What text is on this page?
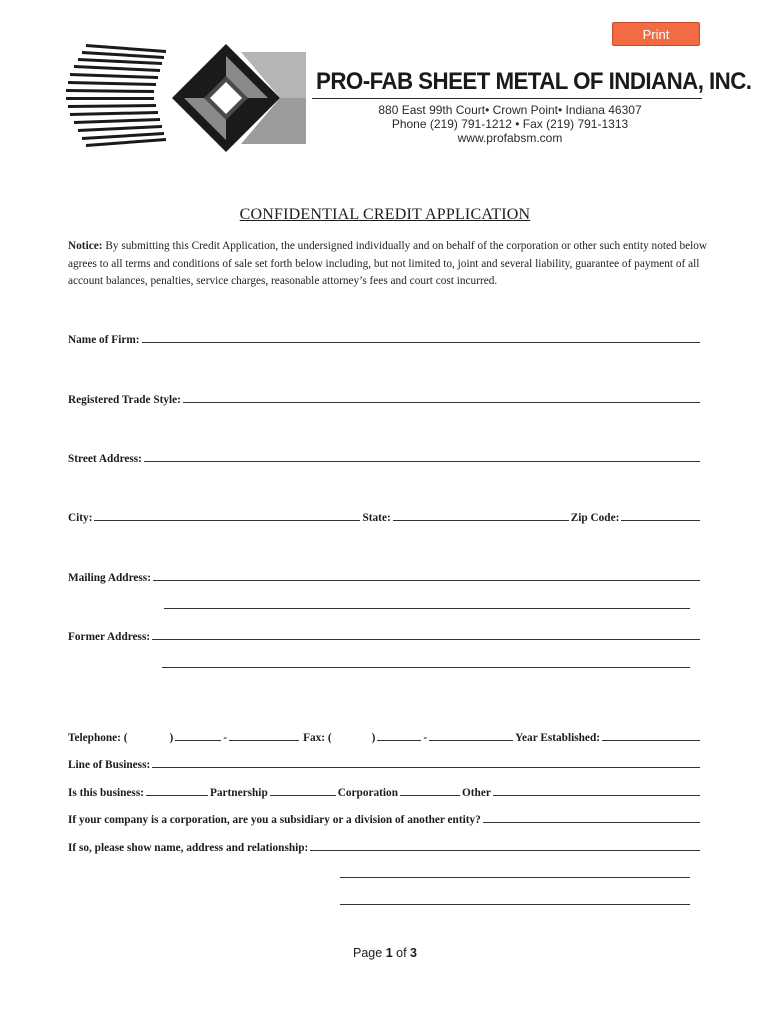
Print
PRO-FAB SHEET METAL OF INDIANA, INC.
880 East 99th Court• Crown Point• Indiana 46307
Phone (219) 791-1212 • Fax (219) 791-1313
www.profabsm.com
CONFIDENTIAL CREDIT APPLICATION
Notice: By submitting this Credit Application, the undersigned individually and on behalf of the corporation or other such entity noted below agrees to all terms and conditions of sale set forth below including, but not limited to, joint and several liability, guarantee of payment of all account balances, penalties, service charges, reasonable attorney’s fees and court cost incurred.
Name of Firm:
Registered Trade Style:
Street Address:
City:	State:	Zip Code:
Mailing Address:
Former Address:
Telephone: (	)	-	Fax: (	)	-	Year Established:
Line of Business:
Is this business:	Partnership	Corporation	Other
If your company is a corporation, are you a subsidiary or a division of another entity?
If so, please show name, address and relationship:
Page 1 of 3
